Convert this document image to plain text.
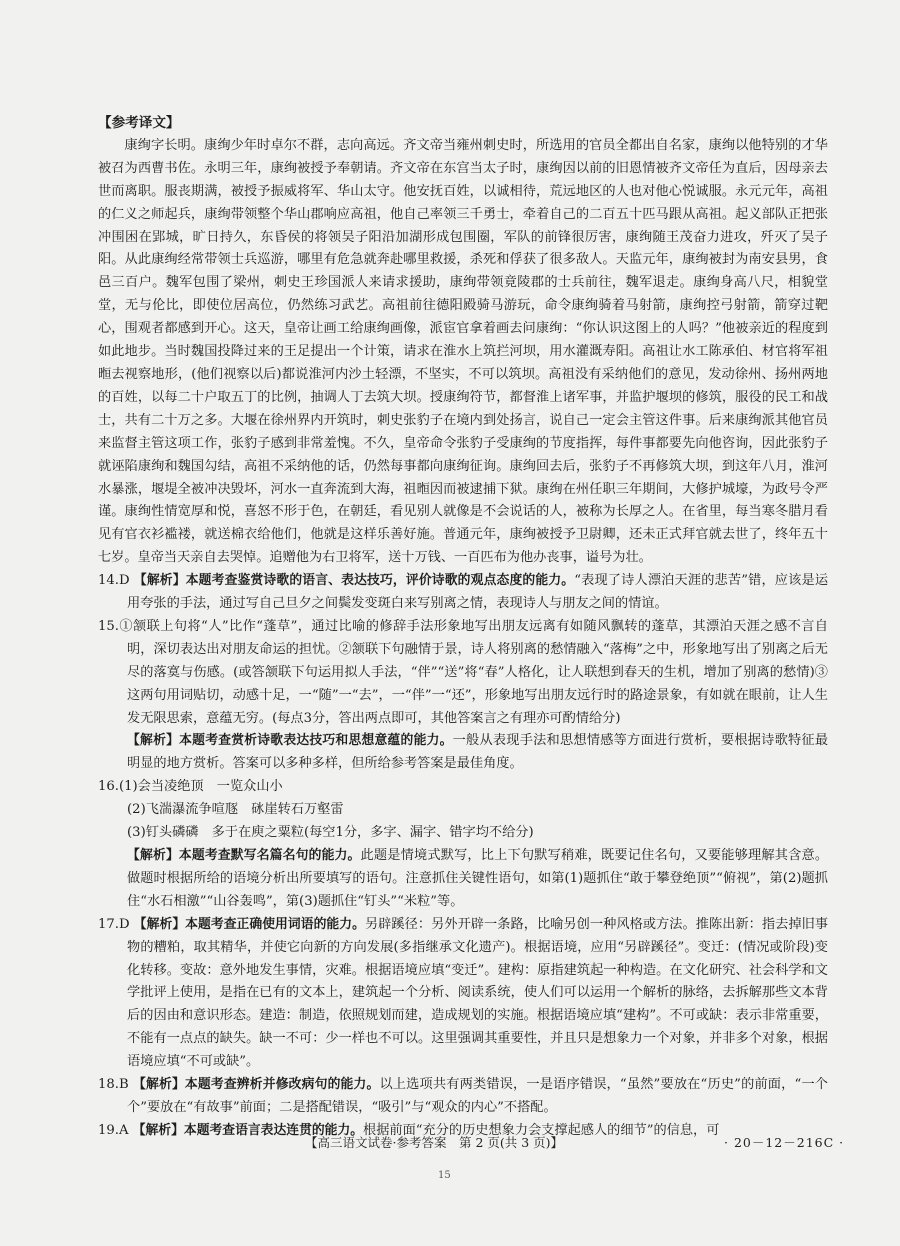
【参考译文】

康绚字长明。康绚少年时卓尔不群，志向高远。齐文帝当雍州刺史时，所选用的官员全都出自名家，康绚以他特别的才华被召为西曹书佐。永明三年，康绚被授予奉朝请。齐文帝在东宫当太子时，康绚因以前的旧恩情被齐文帝任为直后，因母亲去世而离职。服丧期满，被授予振威将军、华山太守。他安抚百姓，以诚相待，荒远地区的人也对他心悦诚服。永元元年，高祖的仁义之师起兵，康绚带领整个华山郡响应高祖，他自己率领三千勇士，牵着自己的二百五十匹马跟从高祖。起义部队正把张冲围困在郢城，旷日持久，东昏侯的将领吴子阳沿加湖形成包围圈，军队的前锋很厉害，康绚随王茂奋力进攻，歼灭了吴子阳。从此康绚经常带领士兵巡游，哪里有危急就奔赴哪里救援，杀死和俘获了很多敌人。天监元年，康绚被封为南安县男，食邑三百户。魏军包围了梁州，刺史王珍国派人来请求援助，康绚带领竟陵郡的士兵前往，魏军退走。康绚身高八尺，相貌堂堂，无与伦比，即使位居高位，仍然练习武艺。高祖前往德阳殿骑马游玩，命令康绚骑着马射箭，康绚控弓射箭，箭穿过靶心，围观者都感到开心。这天，皇帝让画工给康绚画像，派宦官拿着画去问康绚：“你认识这图上的人吗？”他被亲近的程度到如此地步。当时魏国投降过来的王足提出一个计策，请求在淮水上筑拦河坝，用水灌溉寿阳。高祖让水工陈承伯、材官将军祖暅去视察地形，(他们视察以后)都说淮河内沙土轻漂，不坚实，不可以筑坝。高祖没有采纳他们的意见，发动徐州、扬州两地的百姓，以每二十户取五丁的比例，抽调人丁去筑大坝。授康绚符节，都督淮上诸军事，并监护堰坝的修筑，服役的民工和战士，共有二十万之多。大堰在徐州界内开筑时，刺史张豹子在境内到处扬言，说自己一定会主管这件事。后来康绚派其他官员来监督主管这项工作，张豹子感到非常羞愧。不久，皇帝命令张豹子受康绚的节度指挥，每件事都要先向他咨询，因此张豹子就诬陷康绚和魏国勾结，高祖不采纳他的话，仍然每事都向康绚征询。康绚回去后，张豹子不再修筑大坝，到这年八月，淮河水暴涨，堰堤全被冲决毁坏，河水一直奔流到大海，祖暅因而被逮捕下狱。康绚在州任职三年期间，大修护城壕，为政号令严谨。康绚性情宽厚和悦，喜怒不形于色，在朝廷，看见别人就像是不会说话的人，被称为长厚之人。在省里，每当寒冬腊月看见有官衣衫褴褛，就送棉衣给他们，他就是这样乐善好施。普通元年，康绚被授予卫尉卿，还未正式拜官就去世了，终年五十七岁。皇帝当天亲自去哭悼。追赠他为右卫将军，送十万钱、一百匹布为他办丧事，谥号为壮。

14.D 【解析】本题考查鉴赏诗歌的语言、表达技巧，评价诗歌的观点态度的能力。“表现了诗人漂泊天涯的悲苦”错，应该是运用夸张的手法，通过写自己旦夕之间鬓发变斑白来写别离之情，表现诗人与朋友之间的情谊。

15.①颔联上句将“人”比作“蓬草”，通过比喻的修辞手法形象地写出朋友远离有如随风飘转的蓬草，其漂泊天涯之感不言自明，深切表达出对朋友命运的担忧。②颔联下句融情于景，诗人将别离的愁情融入“落梅”之中，形象地写出了别离之后无尽的落寞与伤感。(或答颔联下句运用拟人手法，“伴”“送”将“春”人格化，让人联想到春天的生机，增加了别离的愁情)③这两句用词贴切，动感十足，一“随”一“去”，一“伴”一“还”，形象地写出朋友远行时的路途景象，有如就在眼前，让人生发无限思索，意蕴无穷。(每点3分，答出两点即可，其他答案言之有理亦可酌情给分)

【解析】本题考查赏析诗歌表达技巧和思想意蕴的能力。一般从表现手法和思想情感等方面进行赏析，要根据诗歌特征最明显的地方赏析。答案可以多种多样，但所给参考答案是最佳角度。

16.(1)会当凌绝顶　一览众山小

(2)飞湍瀑流争喧豗　砯崖转石万壑雷

(3)钉头磷磷　多于在庾之粟粒(每空1分，多字、漏字、错字均不给分)

【解析】本题考查默写名篇名句的能力。此题是情境式默写，比上下句默写稍难，既要记住名句，又要能够理解其含意。做题时根据所给的语境分析出所要填写的语句。注意抓住关键性语句，如第(1)题抓住“敢于攀登绝顶”“俯视”，第(2)题抓住“水石相激”“山谷轰鸣”，第(3)题抓住“钉头”“米粒”等。

17.D 【解析】本题考查正确使用词语的能力。另辟蹊径：另外开辟一条路，比喻另创一种风格或方法。推陈出新：指去掉旧事物的糟粕，取其精华，并使它向新的方向发展(多指继承文化遗产)。根据语境，应用“另辟蹊径”。变迁：(情况或阶段)变化转移。变故：意外地发生事情，灾难。根据语境应填“变迁”。建构：原指建筑起一种构造。在文化研究、社会科学和文学批评上使用，是指在已有的文本上，建筑起一个分析、阅读系统，使人们可以运用一个解析的脉络，去拆解那些文本背后的因由和意识形态。建造：制造，依照规划而建，造成规划的实施。根据语境应填“建构”。不可或缺：表示非常重要，不能有一点点的缺失。缺一不可：少一样也不可以。这里强调其重要性，并且只是想象力一个对象，并非多个对象，根据语境应填“不可或缺”。

18.B 【解析】本题考查辨析并修改病句的能力。以上选项共有两类错误，一是语序错误，“虽然”要放在“历史”的前面，“一个个”要放在“有故事”前面；二是搭配错误，“吸引”与“观众的内心”不搭配。

19.A 【解析】本题考查语言表达连贯的能力。根据前面“充分的历史想象力会支撑起感人的细节”的信息，可

【高三语文试卷·参考答案　第 2 页(共 3 页)】	· 20－12－216C ·
15
